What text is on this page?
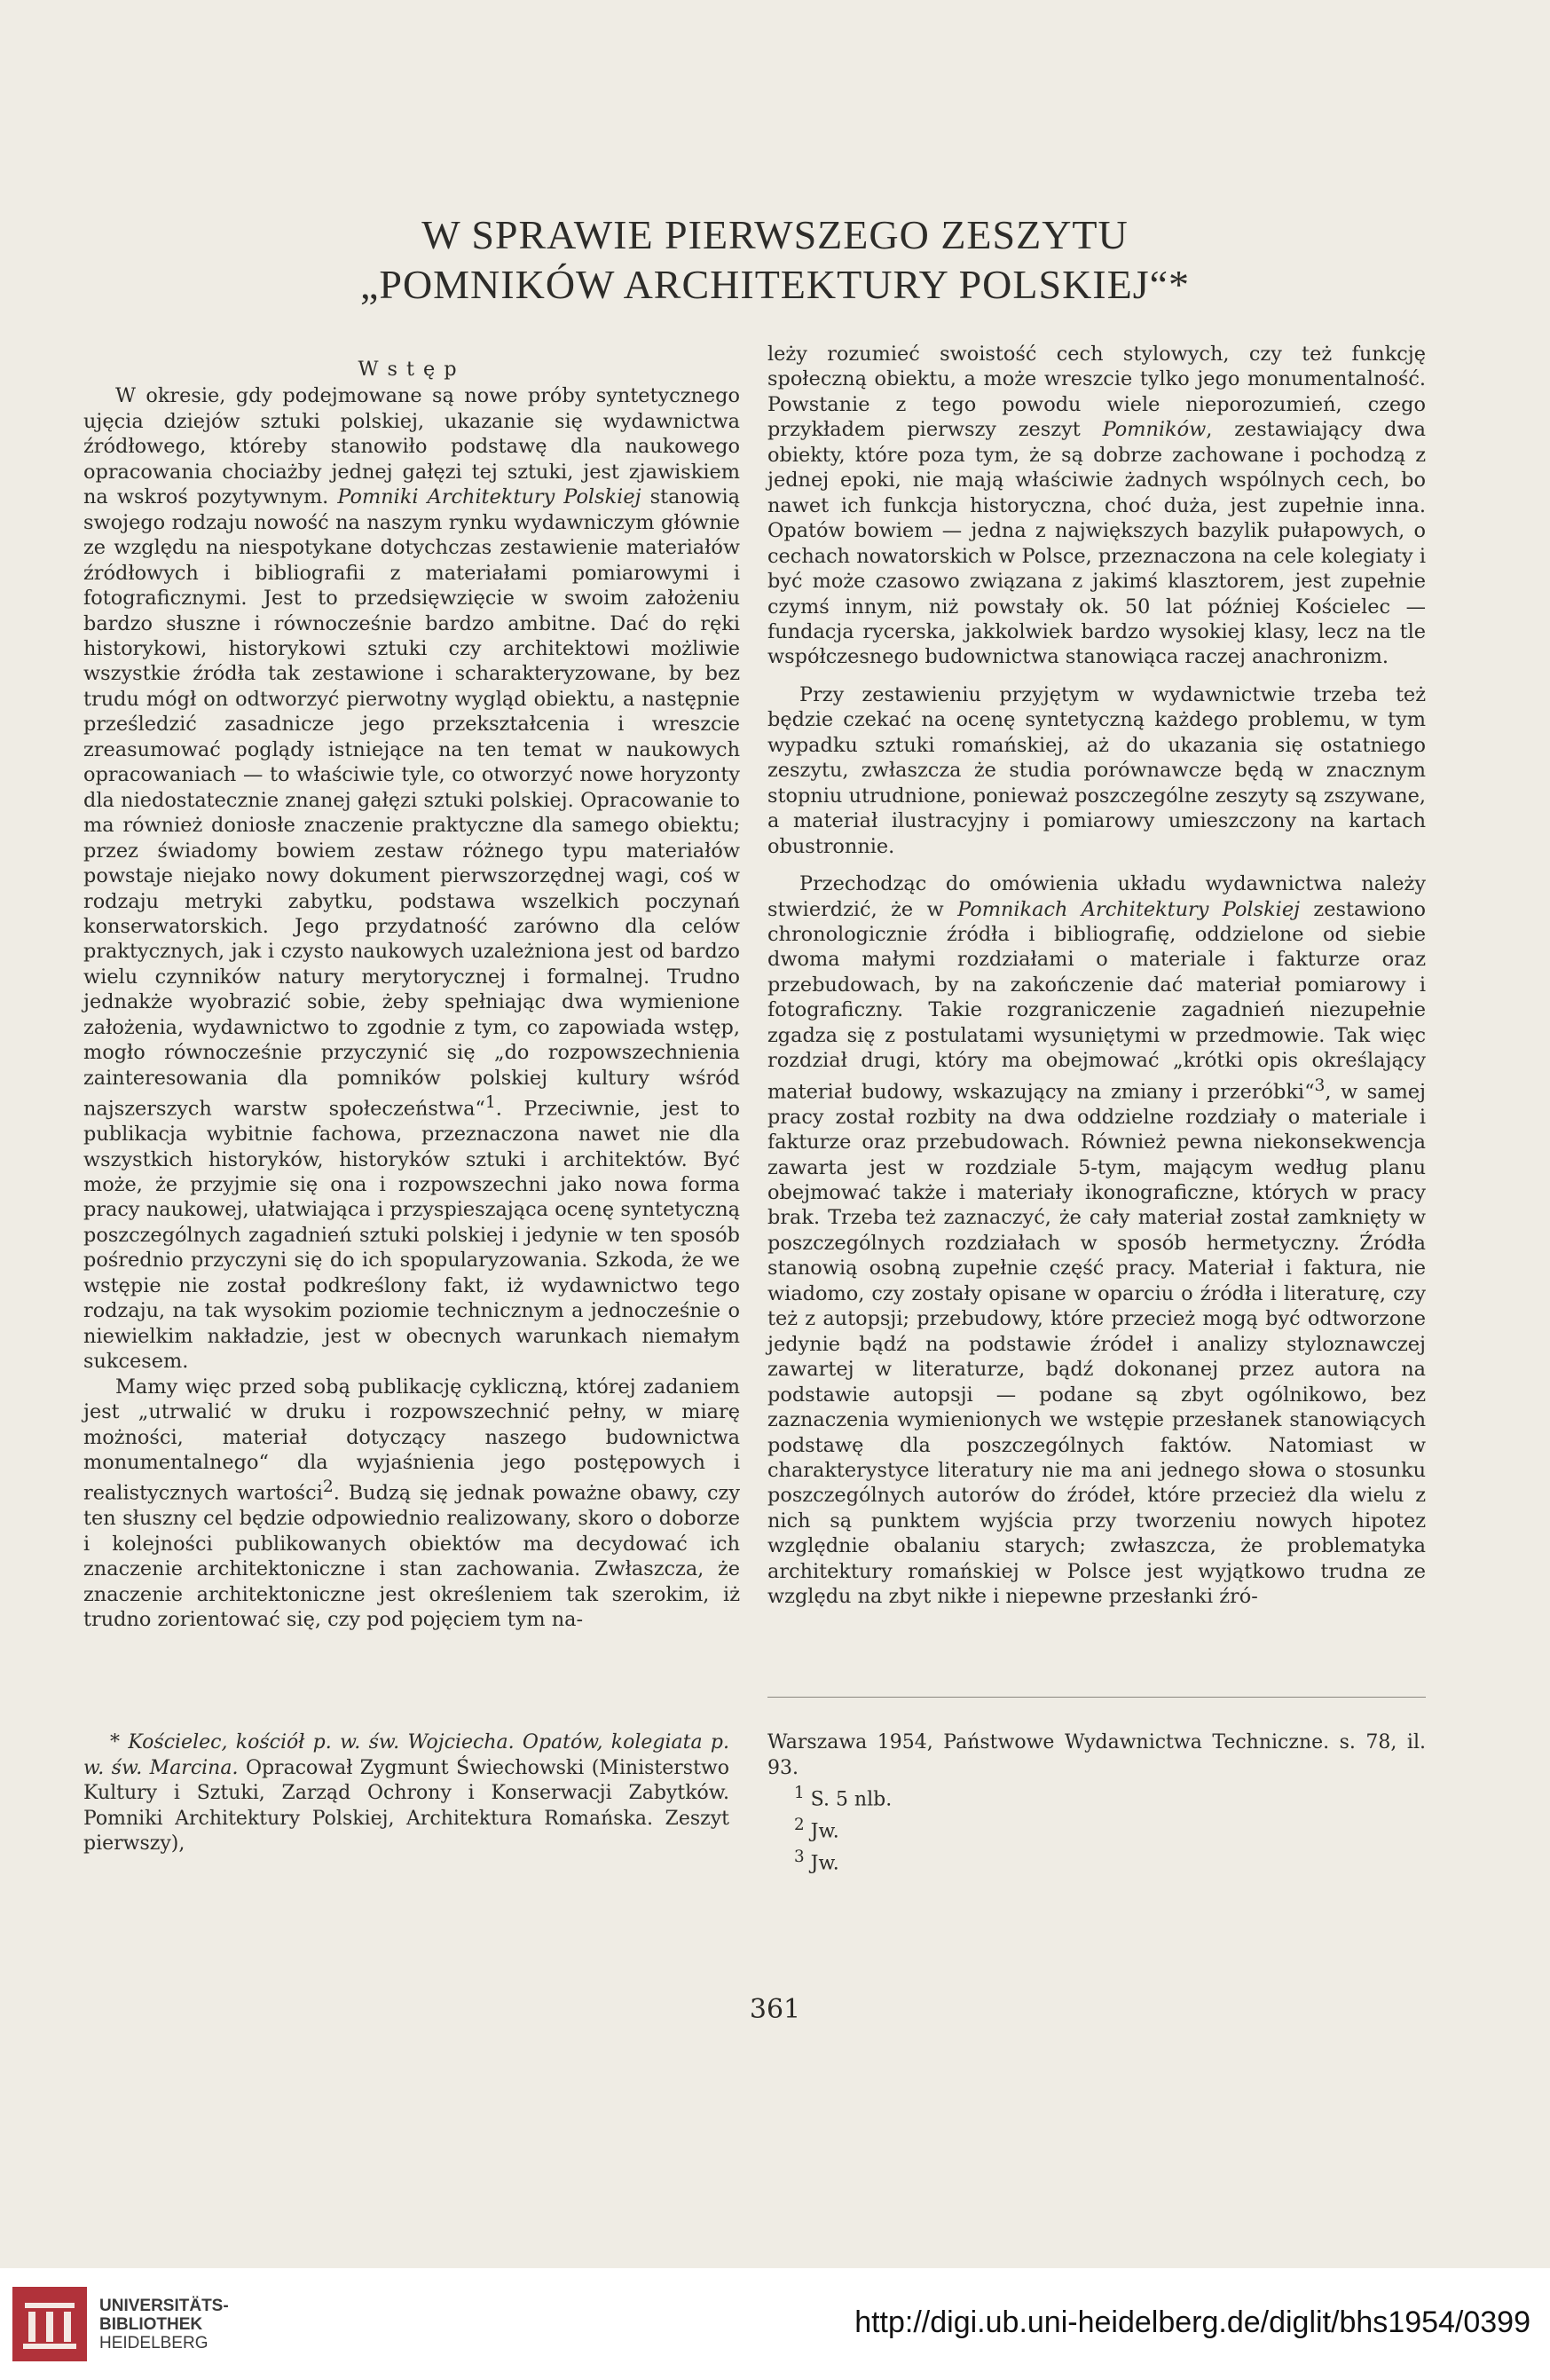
W SPRAWIE PIERWSZEGO ZESZYTU
„POMNIKÓW ARCHITEKTURY POLSKIEJ“*
Wstęp

W okresie, gdy podejmowane są nowe próby syntetycznego ujęcia dziejów sztuki polskiej, ukazanie się wydawnictwa źródłowego, któreby stanowiło podstawę dla naukowego opracowania chociażby jednej gałęzi tej sztuki, jest zjawiskiem na wskroś pozytywnym. Pomniki Architektury Polskiej stanowią swojego rodzaju nowość na naszym rynku wydawniczym głównie ze względu na niespotykane dotychczas zestawienie materiałów źródłowych i bibliografii z materiałami pomiarowymi i fotograficznymi. Jest to przedsięwzięcie w swoim założeniu bardzo słuszne i równocześnie bardzo ambitne. Dać do ręki historykowi, historykowi sztuki czy architektowi możliwie wszystkie źródła tak zestawione i scharakteryzowane, by bez trudu mógł on odtworzyć pierwotny wygląd obiektu, a następnie prześledzić zasadnicze jego przekształcenia i wreszcie zreasumować poglądy istniejące na ten temat w naukowych opracowaniach — to właściwie tyle, co otworzyć nowe horyzonty dla niedostatecznie znanej gałęzi sztuki polskiej. Opracowanie to ma również doniosłe znaczenie praktyczne dla samego obiektu; przez świadomy bowiem zestaw różnego typu materiałów powstaje niejako nowy dokument pierwszorzędnej wagi, coś w rodzaju metryki zabytku, podstawa wszelkich poczynań konserwatorskich. Jego przydatność zarówno dla celów praktycznych, jak i czysto naukowych uzależniona jest od bardzo wielu czynników natury merytorycznej i formalnej. Trudno jednakże wyobrazić sobie, żeby spełniając dwa wymienione założenia, wydawnictwo to zgodnie z tym, co zapowiada wstęp, mogło równocześnie przyczynić się „do rozpowszechnienia zainteresowania dla pomników polskiej kultury wśród najszerszych warstw społeczeństwa“$^1$. Przeciwnie, jest to publikacja wybitnie fachowa, przeznaczona nawet nie dla wszystkich historyków, historyków sztuki i architektów. Być może, że przyjmie się ona i rozpowszechni jako nowa forma pracy naukowej, ułatwiająca i przyspieszająca ocenę syntetyczną poszczególnych zagadnień sztuki polskiej i jedynie w ten sposób pośrednio przyczyni się do ich spopularyzowania. Szkoda, że we wstępie nie został podkreślony fakt, iż wydawnictwo tego rodzaju, na tak wysokim poziomie technicznym a jednocześnie o niewielkim nakładzie, jest w obecnych warunkach niemałym sukcesem.

Mamy więc przed sobą publikację cykliczną, której zadaniem jest „utrwalić w druku i rozpowszechnić pełny, w miarę możności, materiał dotyczący naszego budownictwa monumentalnego“ dla wyjaśnienia jego postępowych i realistycznych wartości$^2$. Budzą się jednak poważne obawy, czy ten słuszny cel będzie odpowiednio realizowany, skoro o doborze i kolejności publikowanych obiektów ma decydować ich znaczenie architektoniczne i stan zachowania. Zwłaszcza, że znaczenie architektoniczne jest określeniem tak szerokim, iż trudno zorientować się, czy pod pojęciem tym na-

leży rozumieć swoistość cech stylowych, czy też funkcję społeczną obiektu, a może wreszcie tylko jego monumentalność. Powstanie z tego powodu wiele nieporozumień, czego przykładem pierwszy zeszyt Pomników, zestawiający dwa obiekty, które poza tym, że są dobrze zachowane i pochodzą z jednej epoki, nie mają właściwie żadnych wspólnych cech, bo nawet ich funkcja historyczna, choć duża, jest zupełnie inna. Opatów bowiem — jedna z największych bazylik pułapowych, o cechach nowatorskich w Polsce, przeznaczona na cele kolegiaty i być może czasowo związana z jakimś klasztorem, jest zupełnie czymś innym, niż powstały ok. 50 lat później Kościelec — fundacja rycerska, jakkolwiek bardzo wysokiej klasy, lecz na tle współczesnego budownictwa stanowiąca raczej anachronizm.

Przy zestawieniu przyjętym w wydawnictwie trzeba też będzie czekać na ocenę syntetyczną każdego problemu, w tym wypadku sztuki romańskiej, aż do ukazania się ostatniego zeszytu, zwłaszcza że studia porównawcze będą w znacznym stopniu utrudnione, ponieważ poszczególne zeszyty są zszywane, a materiał ilustracyjny i pomiarowy umieszczony na kartach obustronnie.

Przechodząc do omówienia układu wydawnictwa należy stwierdzić, że w Pomnikach Architektury Polskiej zestawiono chronologicznie źródła i bibliografię, oddzielone od siebie dwoma małymi rozdziałami o materiale i fakturze oraz przebudowach, by na zakończenie dać materiał pomiarowy i fotograficzny. Takie rozgraniczenie zagadnień niezupełnie zgadza się z postulatami wysuniętymi w przedmowie. Tak więc rozdział drugi, który ma obejmować „krótki opis określający materiał budowy, wskazujący na zmiany i przeróbki“$^3$, w samej pracy został rozbity na dwa oddzielne rozdziały o materiale i fakturze oraz przebudowach. Również pewna niekonsekwencja zawarta jest w rozdziale 5-tym, mającym według planu obejmować także i materiały ikonograficzne, których w pracy brak. Trzeba też zaznaczyć, że cały materiał został zamknięty w poszczególnych rozdziałach w sposób hermetyczny. Źródła stanowią osobną zupełnie część pracy. Materiał i faktura, nie wiadomo, czy zostały opisane w oparciu o źródła i literaturę, czy też z autopsji; przebudowy, które przecież mogą być odtworzone jedynie bądź na podstawie źródeł i analizy styloznawczej zawartej w literaturze, bądź dokonanej przez autora na podstawie autopsji — podane są zbyt ogólnikowo, bez zaznaczenia wymienionych we wstępie przesłanek stanowiących podstawę dla poszczególnych faktów. Natomiast w charakterystyce literatury nie ma ani jednego słowa o stosunku poszczególnych autorów do źródeł, które przecież dla wielu z nich są punktem wyjścia przy tworzeniu nowych hipotez względnie obalaniu starych; zwłaszcza, że problematyka architektury romańskiej w Polsce jest wyjątkowo trudna ze względu na zbyt nikłe i niepewne przesłanki źró-

* Kościelec, kościół p. w. św. Wojciecha. Opatów, kolegiata p. w. św. Marcina. Opracował Zygmunt Świechowski (Ministerstwo Kultury i Sztuki, Zarząd Ochrony i Konserwacji Zabytków. Pomniki Architektury Polskiej, Architektura Romańska. Zeszyt pierwszy),

Warszawa 1954, Państwowe Wydawnictwa Techniczne. s. 78, il. 93.

$^1$ S. 5 nlb.

$^2$ Jw.

$^3$ Jw.

361
UNIVERSITÄTS-
BIBLIOTHEK
HEIDELBERG
http://digi.ub.uni-heidelberg.de/diglit/bhs1954/0399
